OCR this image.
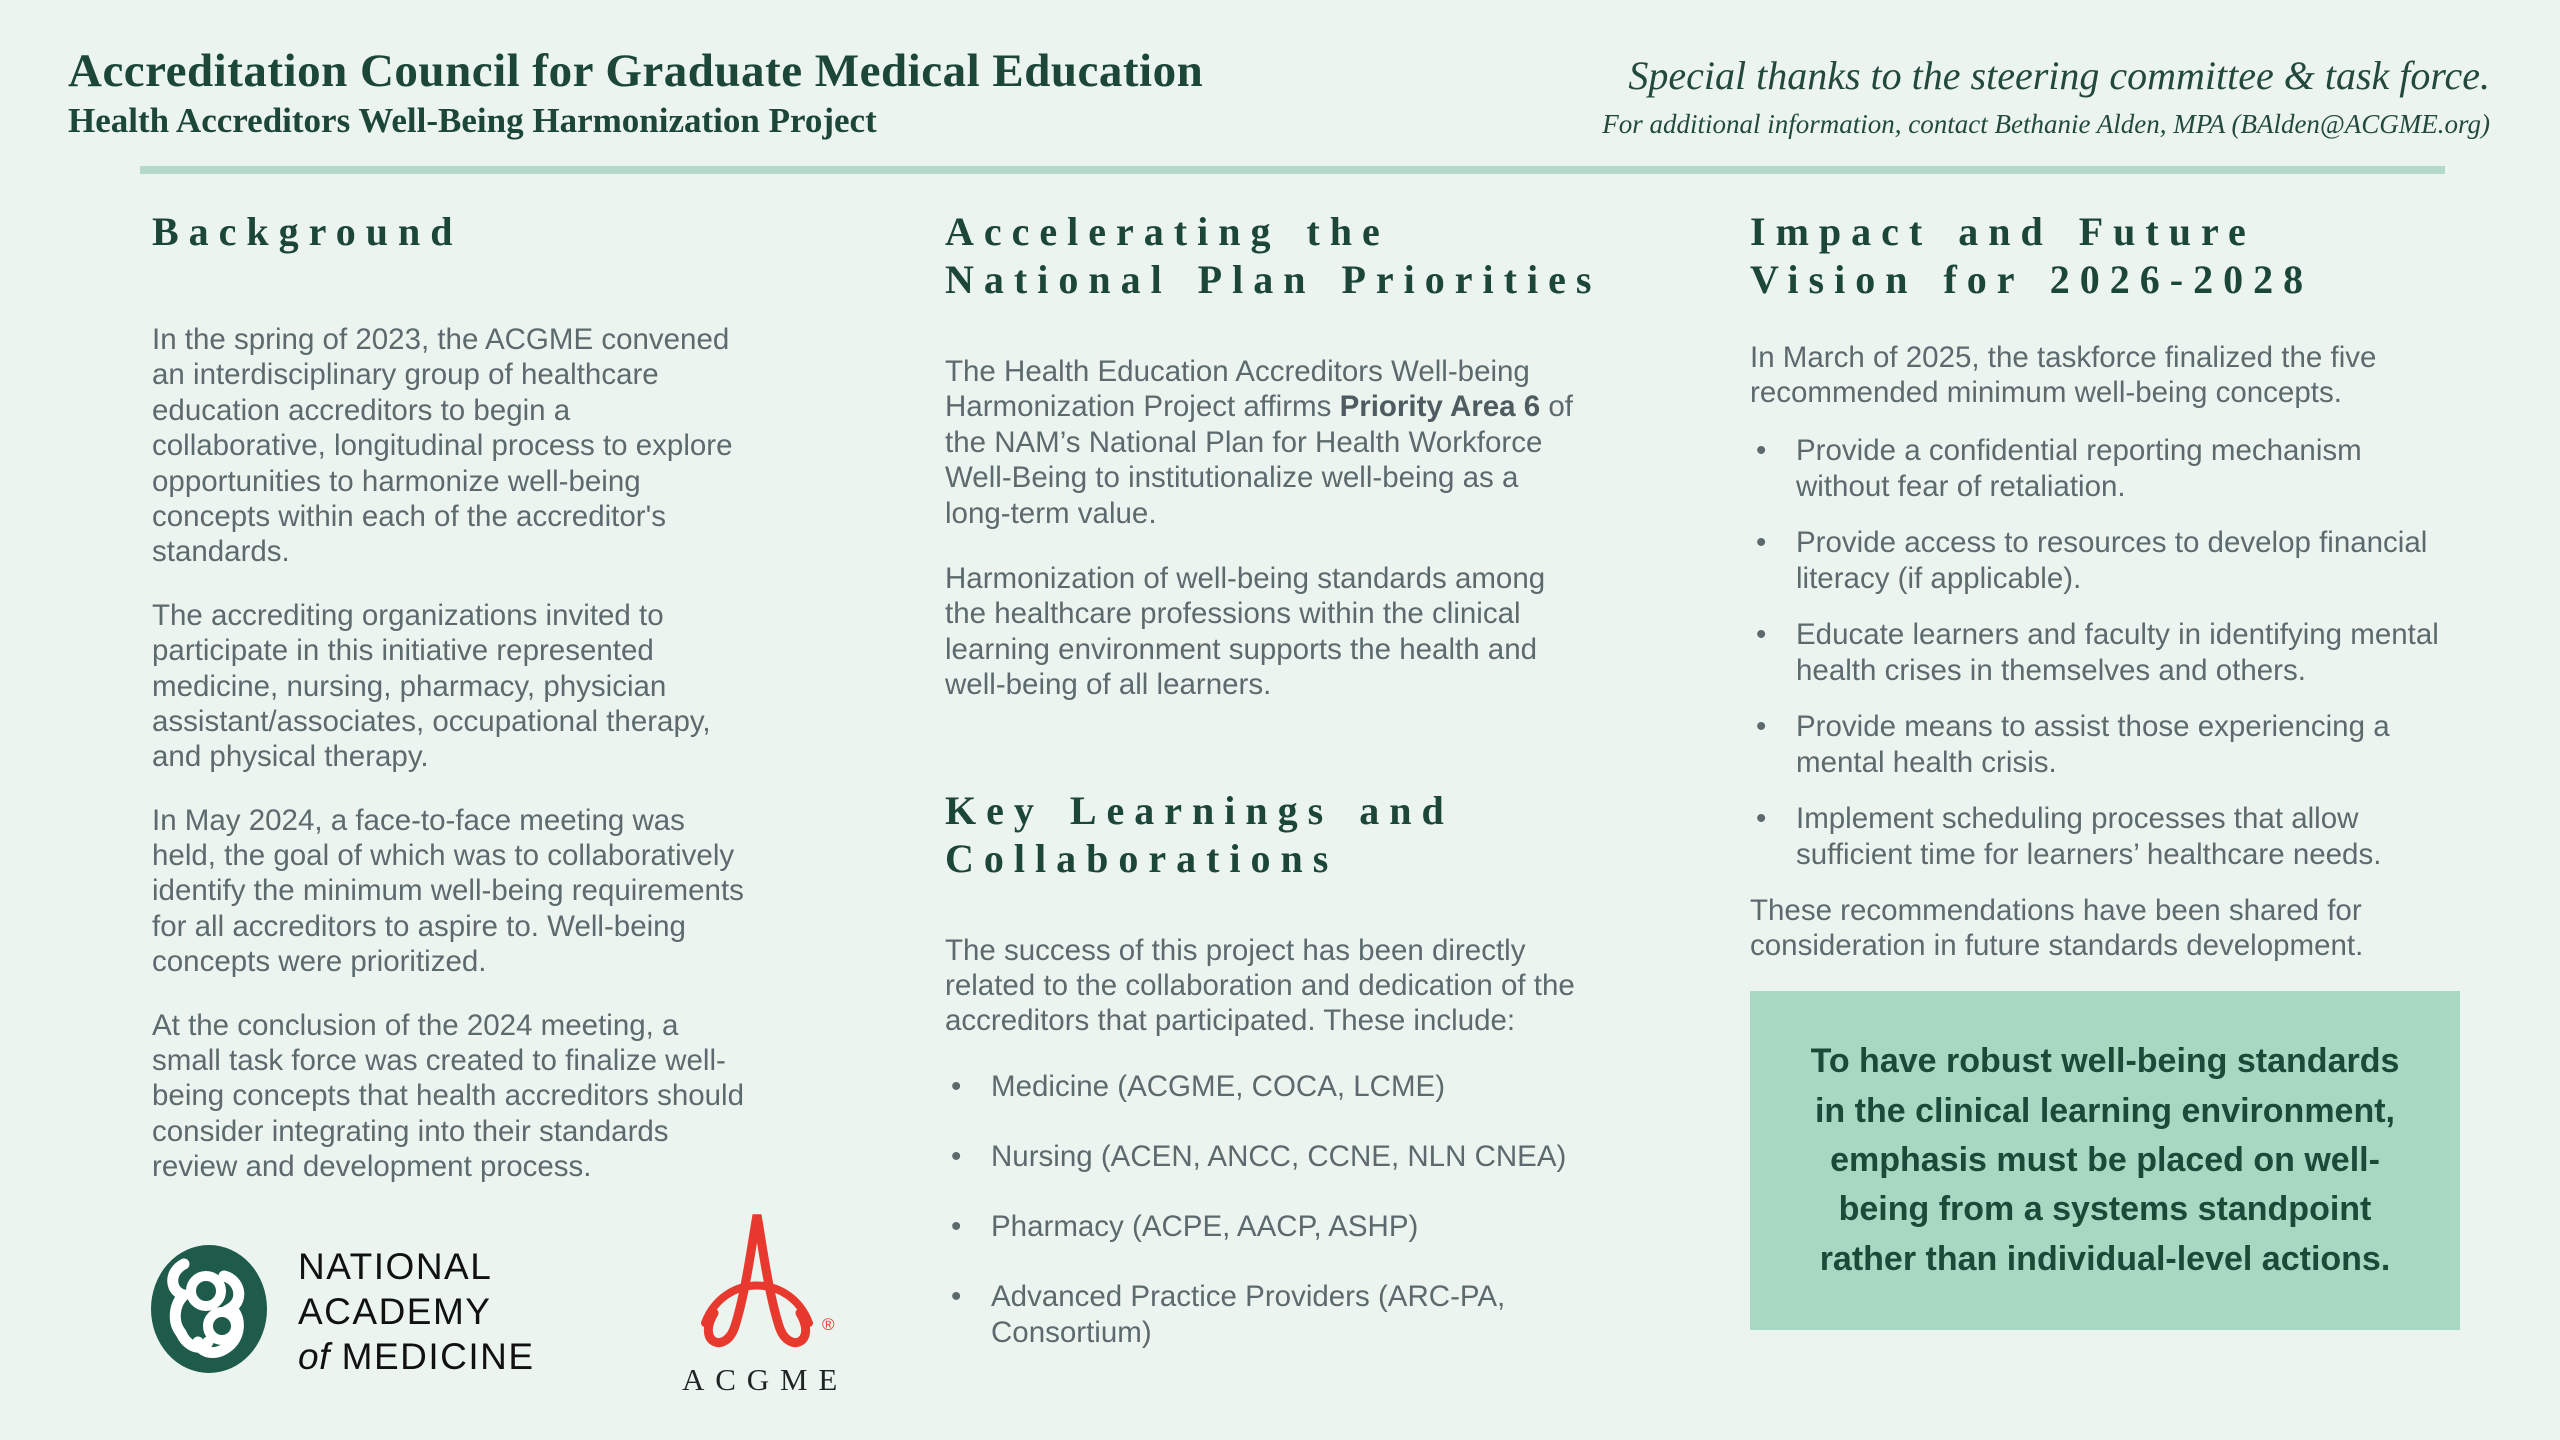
Accreditation Council for Graduate Medical Education
Health Accreditors Well-Being Harmonization Project
Special thanks to the steering committee & task force.
For additional information, contact Bethanie Alden, MPA (BAlden@ACGME.org)
Background

In the spring of 2023, the ACGME convened an interdisciplinary group of healthcare education accreditors to begin a collaborative, longitudinal process to explore opportunities to harmonize well-being concepts within each of the accreditor's standards.

The accrediting organizations invited to participate in this initiative represented medicine, nursing, pharmacy, physician assistant/associates, occupational therapy, and physical therapy.

In May 2024, a face-to-face meeting was held, the goal of which was to collaboratively identify the minimum well-being requirements for all accreditors to aspire to. Well-being concepts were prioritized.

At the conclusion of the 2024 meeting, a small task force was created to finalize well-being concepts that health accreditors should consider integrating into their standards review and development process.

Accelerating the
National Plan Priorities

The Health Education Accreditors Well-being Harmonization Project affirms Priority Area 6 of the NAM’s National Plan for Health Workforce Well-Being to institutionalize well-being as a long-term value.

Harmonization of well-being standards among the healthcare professions within the clinical learning environment supports the health and well-being of all learners.

Key Learnings and
Collaborations

The success of this project has been directly related to the collaboration and dedication of the accreditors that participated. These include:

• Medicine (ACGME, COCA, LCME)
• Nursing (ACEN, ANCC, CCNE, NLN CNEA)
• Pharmacy (ACPE, AACP, ASHP)
• Advanced Practice Providers (ARC-PA, Consortium)
Impact and Future
Vision for 2026-2028

In March of 2025, the taskforce finalized the five recommended minimum well-being concepts.

• Provide a confidential reporting mechanism without fear of retaliation.
• Provide access to resources to develop financial literacy (if applicable).
• Educate learners and faculty in identifying mental health crises in themselves and others.
• Provide means to assist those experiencing a mental health crisis.
• Implement scheduling processes that allow sufficient time for learners’ healthcare needs.

These recommendations have been shared for consideration in future standards development.

To have robust well-being standards in the clinical learning environment, emphasis must be placed on well-being from a systems standpoint rather than individual-level actions.
NATIONAL
ACADEMY
of MEDICINE
®
ACGME
